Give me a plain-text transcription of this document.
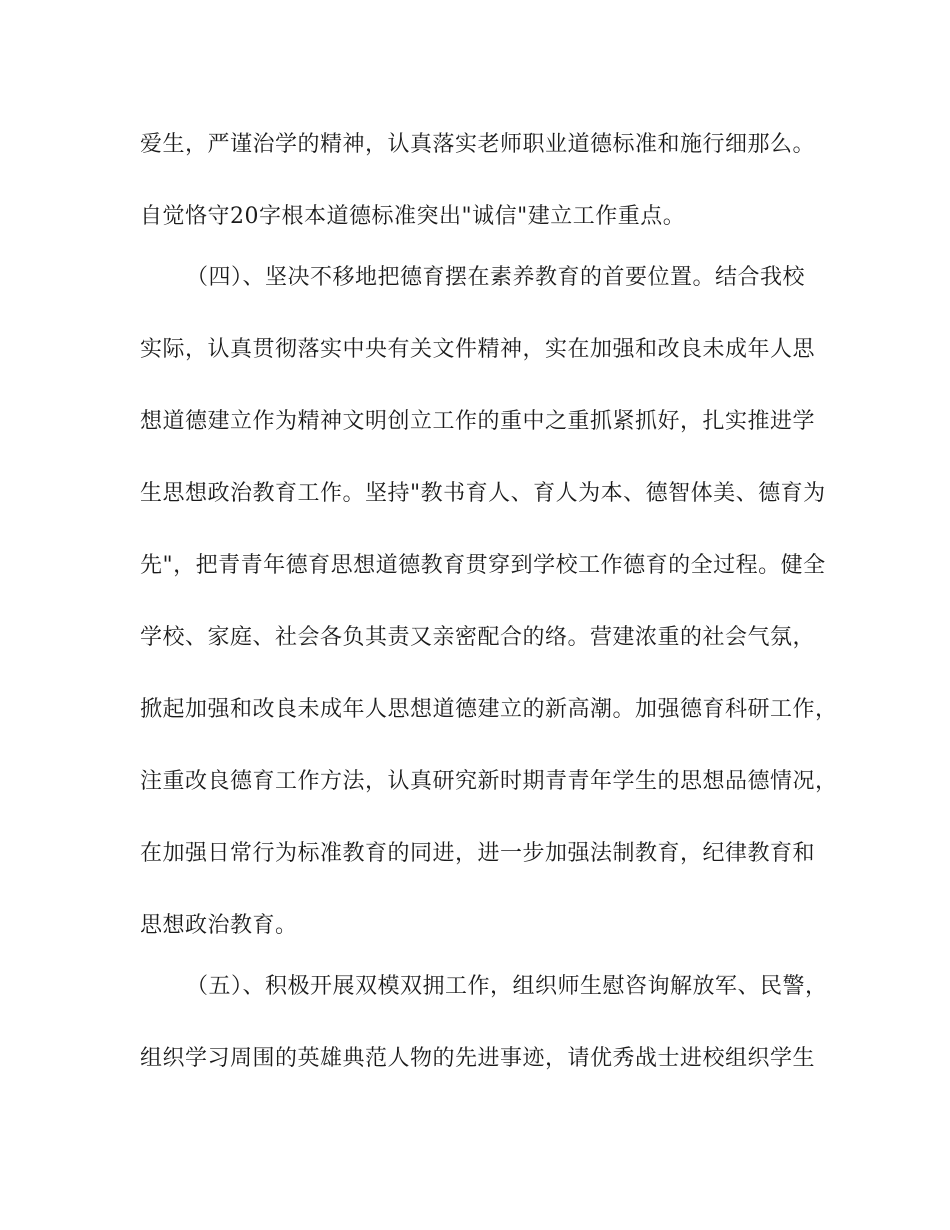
爱生，严谨治学的精神，认真落实老师职业道德标准和施行细那么。
自觉恪守20字根本道德标准突出"诚信"建立工作重点。
（四）、坚决不移地把德育摆在素养教育的首要位置。结合我校
实际，认真贯彻落实中央有关文件精神，实在加强和改良未成年人思
想道德建立作为精神文明创立工作的重中之重抓紧抓好，扎实推进学
生思想政治教育工作。坚持"教书育人、育人为本、德智体美、德育为
先"，把青青年德育思想道德教育贯穿到学校工作德育的全过程。健全
学校、家庭、社会各负其责又亲密配合的络。营建浓重的社会气氛，
掀起加强和改良未成年人思想道德建立的新高潮。加强德育科研工作，
注重改良德育工作方法，认真研究新时期青青年学生的思想品德情况，
在加强日常行为标准教育的同进，进一步加强法制教育，纪律教育和
思想政治教育。
（五）、积极开展双模双拥工作，组织师生慰咨询解放军、民警，
组织学习周围的英雄典范人物的先进事迹，请优秀战士进校组织学生
